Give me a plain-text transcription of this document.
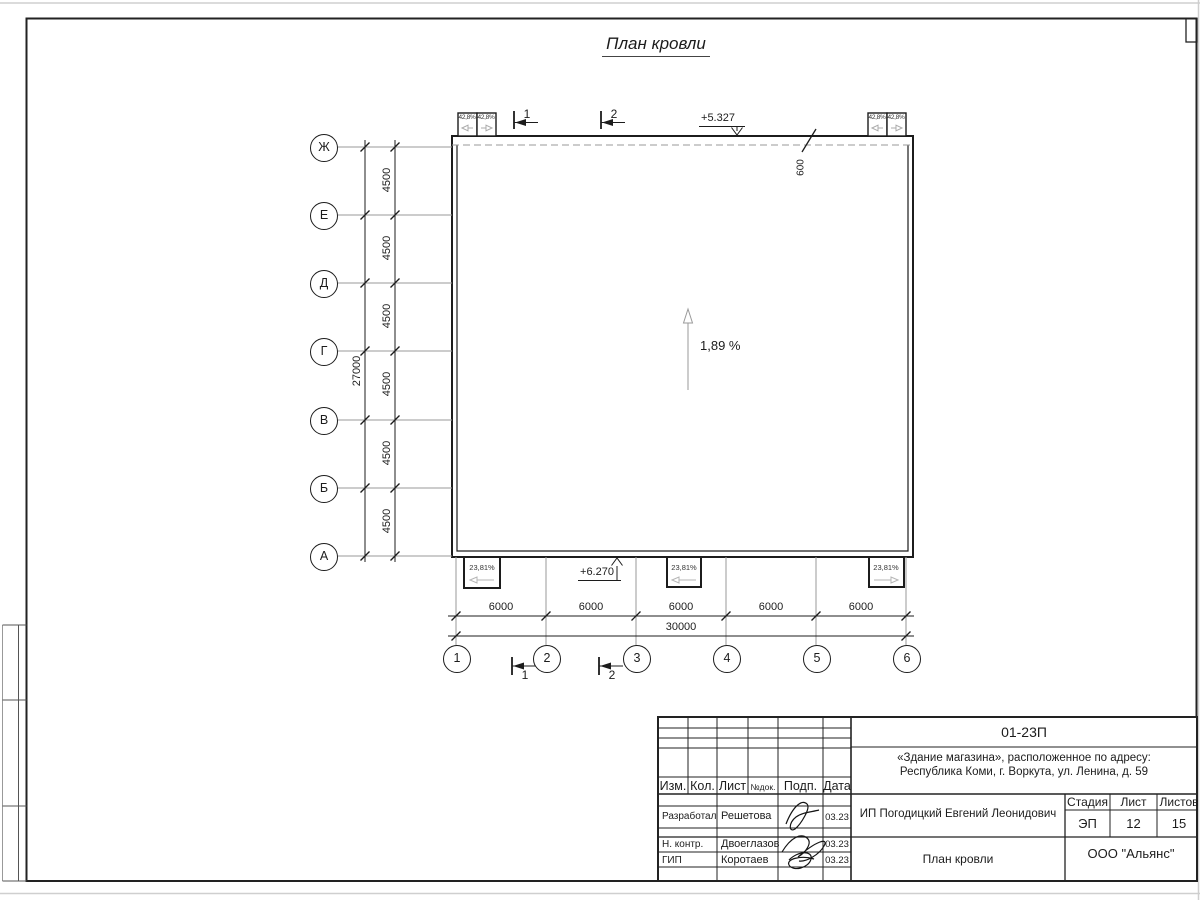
План кровли
Ж
Е
Д
Г
В
Б
А
1	2	3	4	5	6
4500
4500
4500
4500
4500
4500
27000
6000	6000	6000	6000	6000
30000
+5.327
+6.270
1,89 %
600
42,8% 42,8%	42,8% 42,8%
23,81%	23,81%	23,81%
1	2
1	2
01-23П
«Здание магазина», расположенное по адресу:
Республика Коми, г. Воркута, ул. Ленина, д. 59
ИП Погодицкий Евгений Леонидович
План кровли	ООО "Альянс"
Изм. Кол. Лист №док. Подп. Дата
Стадия	Лист	Листов
ЭП	12	15
Разработал Решетова	03.23
Н. контр. Двоеглазов	03.23
ГИП	Коротаев	03.23
